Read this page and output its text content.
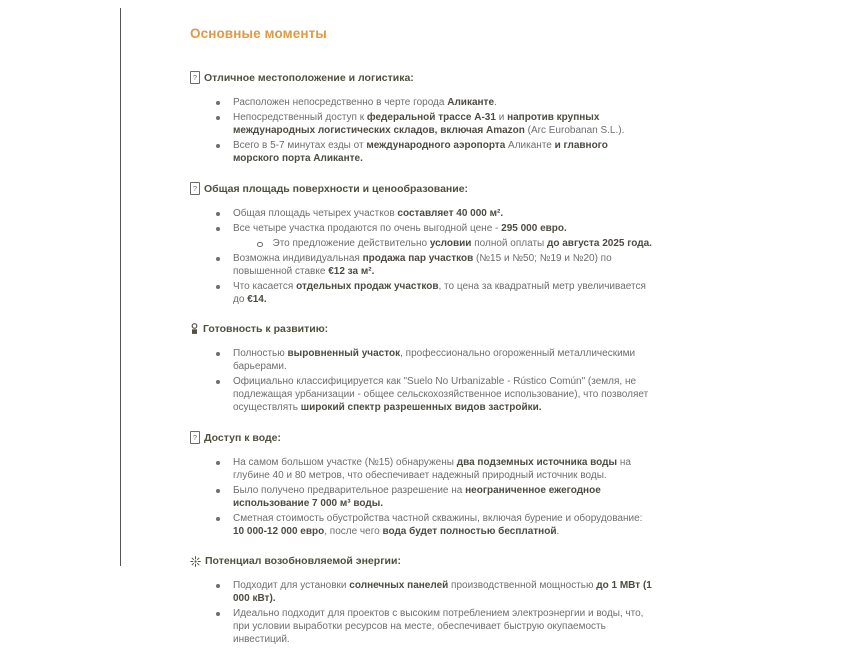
Основные моменты
? Отличное местоположение и логистика:
Расположен непосредственно в черте города Аликанте.
Непосредственный доступ к федеральной трассе А-31 и напротив крупных международных логистических складов, включая Amazon (Arc Eurobanan S.L.).
Всего в 5-7 минутах езды от международного аэропорта Аликанте и главного морского порта Аликанте.
? Общая площадь поверхности и ценообразование:
Общая площадь четырех участков составляет 40 000 м².
Все четыре участка продаются по очень выгодной цене - 295 000 евро.
Это предложение действительно условии полной оплаты до августа 2025 года.
Возможна индивидуальная продажа пар участков (№15 и №50; №19 и №20) по повышенной ставке €12 за м².
Что касается отдельных продаж участков, то цена за квадратный метр увеличивается до €14.
Готовность к развитию:
Полностью выровненный участок, профессионально огороженный металлическими барьерами.
Официально классифицируется как "Suelo No Urbanizable - Rústico Común" (земля, не подлежащая урбанизации - общее сельскохозяйственное использование), что позволяет осуществлять широкий спектр разрешенных видов застройки.
? Доступ к воде:
На самом большом участке (№15) обнаружены два подземных источника воды на глубине 40 и 80 метров, что обеспечивает надежный природный источник воды.
Было получено предварительное разрешение на неограниченное ежегодное использование 7 000 м³ воды.
Сметная стоимость обустройства частной скважины, включая бурение и оборудование: 10 000-12 000 евро, после чего вода будет полностью бесплатной.
Потенциал возобновляемой энергии:
Подходит для установки солнечных панелей производственной мощностью до 1 МВт (1 000 кВт).
Идеально подходит для проектов с высоким потреблением электроэнергии и воды, что, при условии выработки ресурсов на месте, обеспечивает быструю окупаемость инвестиций.
